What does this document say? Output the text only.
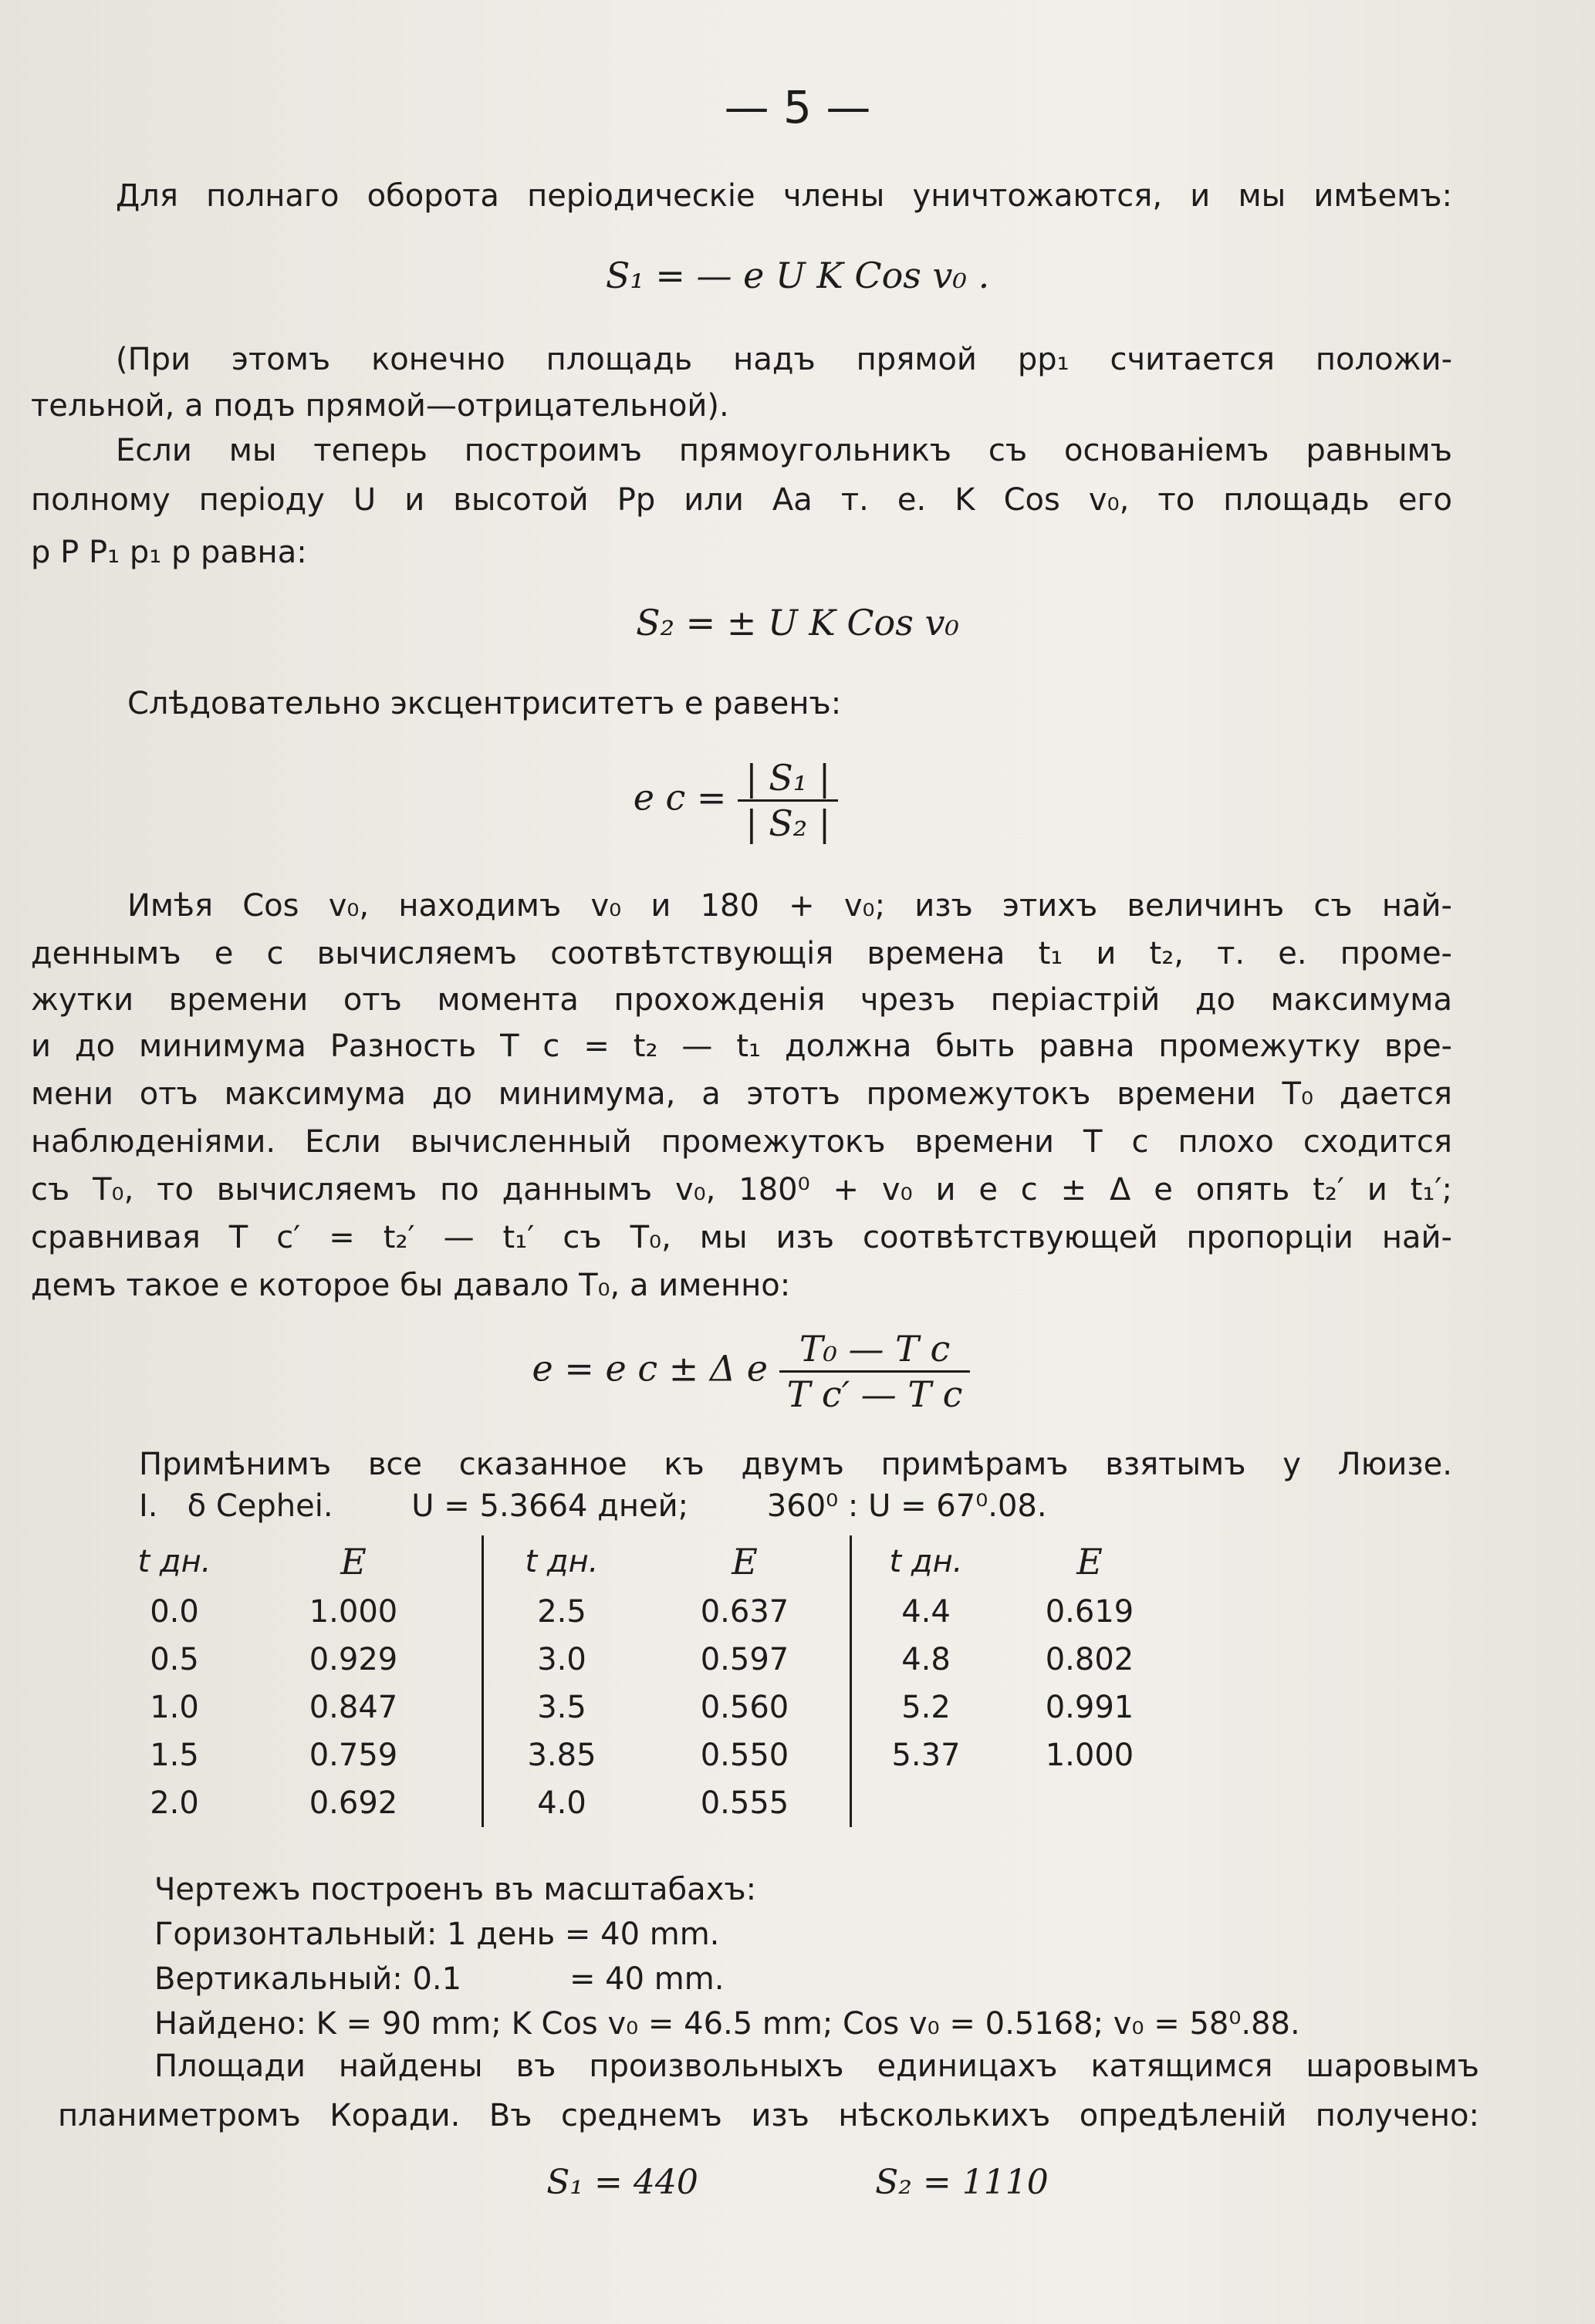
— 5 —
Для полнаго оборота періодическіе члены уничтожаются, и мы имѣемъ:
S₁ = — e U K Cos v₀ .
(При этомъ конечно площадь надъ прямой pp₁ считается положи-
тельной, а подъ прямой—отрицательной).
Если мы теперь построимъ прямоугольникъ съ основаніемъ равнымъ
полному періоду U и высотой Pp или Aa т. е. K Cos v₀, то площадь его
p P P₁ p₁ p равна:
S₂ = ± U K Cos v₀
Слѣдовательно эксцентриситетъ e равенъ:
e $c = \frac{\text{| S₁ |}}{\text{| S₂ |}}$
Имѣя Cos v₀, находимъ v₀ и 180 + v₀; изъ этихъ величинъ съ най-
деннымъ e c вычисляемъ соотвѣтствующія времена t₁ и t₂, т. е. проме-
жутки времени отъ момента прохожденія чрезъ періастрій до максимума
и до минимума Разность T c = t₂ — t₁ должна быть равна промежутку вре-
мени отъ максимума до минимума, а этотъ промежутокъ времени T₀ дается
наблюденіями. Если вычисленный промежутокъ времени T c плохо сходится
съ T₀, то вычисляемъ по даннымъ v₀, 180⁰ + v₀ и e c ± Δ e опять t₂′ и t₁′;
сравнивая T c′ = t₂′ — t₁′ съ T₀, мы изъ соотвѣтствующей пропорціи най-
демъ такое e которое бы давало T₀, а именно:
e = e c ± Δ e $\frac{\text{T₀ — T c}}{\text{T c′ — T c}}$
Примѣнимъ все сказанное къ двумъ примѣрамъ взятымъ у Люизе.
I.   δ Cephei.        U = 5.3664 дней;        360⁰ : U = 67⁰.08.
t дн.	E	t дн.	E	t дн.	E
0.0	1.000	2.5	0.637	4.4	0.619
0.5	0.929	3.0	0.597	4.8	0.802
1.0	0.847	3.5	0.560	5.2	0.991
1.5	0.759	3.85	0.550	5.37	1.000
2.0	0.692	4.0	0.555		
Чертежъ построенъ въ масштабахъ:
Горизонтальный: 1 день = 40 mm.
Вертикальный: 0.1           = 40 mm.
Найдено: K = 90 mm; K Cos v₀ = 46.5 mm; Cos v₀ = 0.5168; v₀ = 58⁰.88.
Площади найдены въ произвольныхъ единицахъ катящимся шаровымъ
планиметромъ Коради. Въ среднемъ изъ нѣсколькихъ опредѣленій получено:
S₁ = 440	S₂ = 1110
